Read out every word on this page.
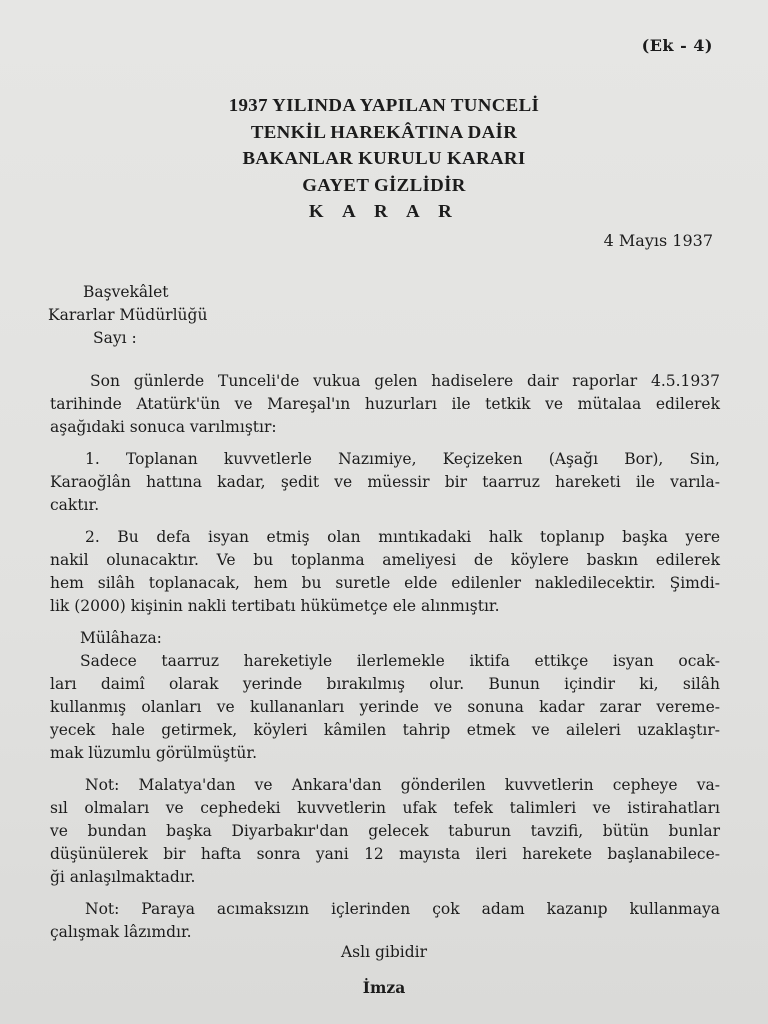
(Ek - 4)
1937 YILINDA YAPILAN TUNCELİ
TENKİL HAREKÂTINA DAİR
BAKANLAR KURULU KARARI
GAYET GİZLİDİR
K A R A R
4 Mayıs 1937
Başvekâlet
Kararlar Müdürlüğü
Sayı :
Son günlerde Tunceli'de vukua gelen hadiselere dair raporlar 4.5.1937
tarihinde Atatürk'ün ve Mareşal'ın huzurları ile tetkik ve mütalaa edilerek
aşağıdaki sonuca varılmıştır:
1. Toplanan kuvvetlerle Nazımiye, Keçizeken (Aşağı Bor), Sin,
Karaoğlân hattına kadar, şedit ve müessir bir taarruz hareketi ile varıla-
caktır.
2. Bu defa isyan etmiş olan mıntıkadaki halk toplanıp başka yere
nakil olunacaktır. Ve bu toplanma ameliyesi de köylere baskın edilerek
hem silâh toplanacak, hem bu suretle elde edilenler nakledilecektir. Şimdi-
lik (2000) kişinin nakli tertibatı hükümetçe ele alınmıştır.
Mülâhaza:
Sadece taarruz hareketiyle ilerlemekle iktifa ettikçe isyan ocak-
ları daimî olarak yerinde bırakılmış olur. Bunun içindir ki, silâh
kullanmış olanları ve kullananları yerinde ve sonuna kadar zarar vereme-
yecek hale getirmek, köyleri kâmilen tahrip etmek ve aileleri uzaklaştır-
mak lüzumlu görülmüştür.
Not: Malatya'dan ve Ankara'dan gönderilen kuvvetlerin cepheye va-
sıl olmaları ve cephedeki kuvvetlerin ufak tefek talimleri ve istirahatları
ve bundan başka Diyarbakır'dan gelecek taburun tavzifi, bütün bunlar
düşünülerek bir hafta sonra yani 12 mayısta ileri harekete başlanabilece-
ği anlaşılmaktadır.
Not: Paraya acımaksızın içlerinden çok adam kazanıp kullanmaya
çalışmak lâzımdır.
Aslı gibidir
İmza
